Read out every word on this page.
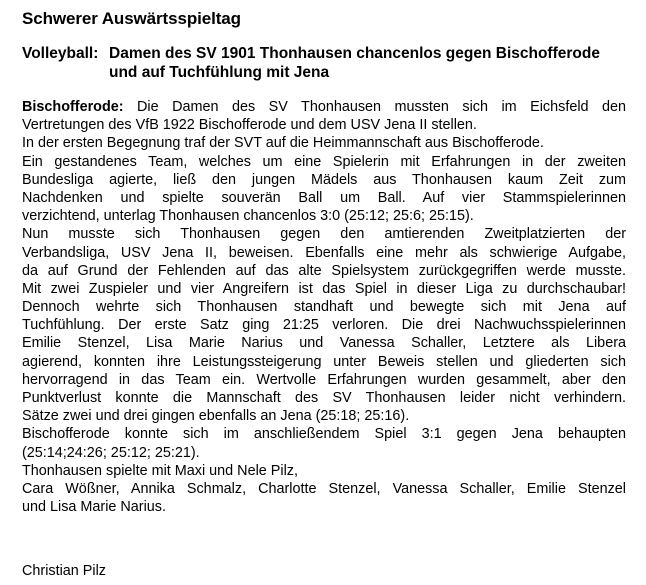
Schwerer Auswärtsspieltag
Volleyball: Damen des SV 1901 Thonhausen chancenlos gegen Bischofferode
und auf Tuchfühlung mit Jena
Bischofferode: Die Damen des SV Thonhausen mussten sich im Eichsfeld den
Vertretungen des VfB 1922 Bischofferode und dem USV Jena II stellen.
In der ersten Begegnung traf der SVT auf die Heimmannschaft aus Bischofferode.
Ein gestandenes Team, welches um eine Spielerin mit Erfahrungen in der zweiten
Bundesliga agierte, ließ den jungen Mädels aus Thonhausen kaum Zeit zum
Nachdenken und spielte souverän Ball um Ball. Auf vier Stammspielerinnen
verzichtend, unterlag Thonhausen chancenlos 3:0 (25:12; 25:6; 25:15).
Nun musste sich Thonhausen gegen den amtierenden Zweitplatzierten der
Verbandsliga, USV Jena II, beweisen. Ebenfalls eine mehr als schwierige Aufgabe,
da auf Grund der Fehlenden auf das alte Spielsystem zurückgegriffen werde musste.
Mit zwei Zuspieler und vier Angreifern ist das Spiel in dieser Liga zu durchschaubar!
Dennoch wehrte sich Thonhausen standhaft und bewegte sich mit Jena auf
Tuchfühlung. Der erste Satz ging 21:25 verloren. Die drei Nachwuchsspielerinnen
Emilie Stenzel, Lisa Marie Narius und Vanessa Schaller, Letztere als Libera
agierend, konnten ihre Leistungssteigerung unter Beweis stellen und gliederten sich
hervorragend in das Team ein. Wertvolle Erfahrungen wurden gesammelt, aber den
Punktverlust konnte die Mannschaft des SV Thonhausen leider nicht verhindern.
Sätze zwei und drei gingen ebenfalls an Jena (25:18; 25:16).
Bischofferode konnte sich im anschließendem Spiel 3:1 gegen Jena behaupten
(25:14;24:26; 25:12; 25:21).
Thonhausen spielte mit Maxi und Nele Pilz,
Cara Wößner, Annika Schmalz, Charlotte Stenzel, Vanessa Schaller, Emilie Stenzel
und Lisa Marie Narius.
Christian Pilz
